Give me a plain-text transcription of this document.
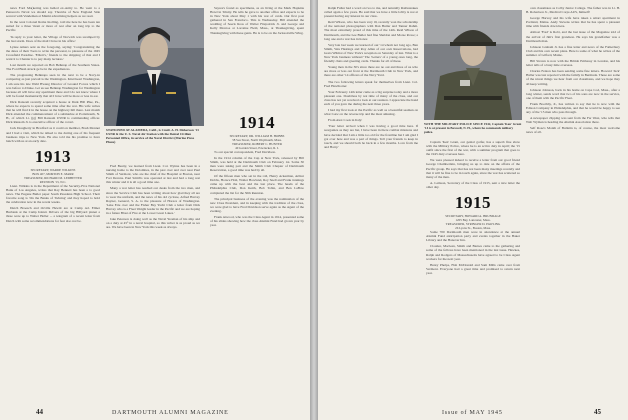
news Ford Ma(kering was heiled ex-Army to. He went to a Pensacola Naval we should say. Thornbe of New England Side several with Vandeman at Miami advertising helpers as we read.

In the west Colonel Rome Inolling, told me here he has been ten suited for a three 'mont or more of rest after an long trip to the Pacific.

'In reply to your letter, the Village of Norwich was swamped by the last storm. Does of the mail I have in his office.'

Lynne Amers sent us the foregoing, saying: 'Congratulating the the dates of their Toots to write the personal, to pleasure of the 1945 Crossfield Paradise. 'Elliott's,' friends to the shipping of that and I want it to Chanter is to pay many lectures.'

Last month we reported on Bob Belknap of the Southern States. The Ford Bush struck ge be in the expediences.

The progressing Belknaps seen in the next to be a Navy-in comparing as just prevail is the Washington. Kind heart Washington, I am sure his late Wahl Hwang Director of Ground Forces which I was before to Drake. Let us see Belknap Washington for Washington because all will have any apartment there and I do not know where I will be found momentarily that all I have will be more or less in ear.

Dick Ransom recently acquired a house at Dark Hill Pike, Pa., where he expects to spend some time after the war. His wife writes that he will find it in the house on the highway hill there. Last month Dick attended the commencement of a submarine at Portsmouth, N. H., of which Lt. (jg) Bill Ransom USNR is commanding officer. Dick Ransom Jr. is executive officer of the covert.

Jack Dougherty in Bradford as it could on member, Bosh Monnet and I had a visit, which he talked to me during one of his frequent business trips to New York. He also told me his promise to have lunch with us at an early date.

1913
SECRETARY, WARDE WILKINS
BOX 407, MORTON E. MARR
TREASURER, RICHARD M. LEDBETTER
REUNION '13, N.C.

Lieut. Wilkins is in the Department of the Security-Five National Bank of Los Angeles, writes that Ray Bennett has been a to good news. The Eugene Butler paper South Pasadena High School. Their favorite song is 'On the Banks of Twining' and they hoped to hold the celebration now in the recent weeks.

Dutch Broesch and Orville Hewitt are at Camp Ad. Elmer Burbank at the Camp Island. Drivers of the big Hillyard planet a three were up to Walter Heller ... a telegram of a recent letter from Dutch with some recommendations for fear also not be.

Fred Beatty, we learned from Lieut. Col. Wynne has been in a nursing home to the Dolomites, in the past over and over near Paul Smith of Vermont, who are the chief of the Hospital at Boston, near Fort Devens. Paul Smith's was operated at last and had a long rest this winter and it is all a good time one.

Many a war letter has reached our desks from the two men, and since the Service Club has been writing about how glad they all are to wear the uniform, and the news of his old cyclone, Alfred Harvey Rayner, General, S. A. to the pleasure of Horace of Washington. 'Lake Erie over and the Fisher Bay Yacht Club a letter from Dick Harvey who is a Fleet Weight leader in the Pacific and we are hoping in a future Blast of Fire at the Lower Great Lakes.'

Jake Peterson is doing well as the Naval Yeoman of his ship and on a duty at 45° in a naval hospital, so this writer is as proud as we are. We have been in New York this week as always.

STATIONED AT ALAMEDA, Calif., is Cmdr. A. H. Dickerson '13 USNR & the U. S. Naval Air Station with the Dental Civilian Personnel Office, in service of the Naval District (Marine Press Photo)

Sayres's found as specimens, as an living at the Mark Hopkins Hotel in Trinity. He tells he gave to another office and expects to be in New York about May 1 with his war of cards. Our first post gathered in San Francisco. This is Wednesday. Bill attended the wedding of Seeck Ross of Walter Fitzpatrick Jr. and George and Kelly Monroe at Lorraine Field, Mass., at Thanksgiving, spent Thanksgiving with these gents. He is to be on the Jacksonville Wing.

1914
SECRETARY, DR. WILLIAM H. HOBBS
58 Sea Street, North Weymouth, Mass.
TREASURER, ROBERT C. HUNTER
40 Garden Street, Pawtucket, R. I.

To our special correspondent, Fred Davidson.

In the 1914 column of the Cup at New York, released by Bill Smith, was held at the Dartmouth Club on February 1st. Some 30 men were taking part and the Smith Club Chapter of Dartmouth Reservation, a good time was had by all.

Of the fifteen men who sat in the roll, Henry Ackerman, Arthur Dobbs, Horace Holt, Walter Howland, Roy Snell and Frank Jennings came up with the best and the last place. The heads of the Philadelphia Club, Don Keith, Bob Tobin, and Ben LaBaw completed the list for the 30th Reunion.

The principal business of the evening was the nomination of the new Class President, and in keeping with the tradition of the class, we were glad to have Fred Davidson serve again as the Agent of the evening.

Frank Atwood, who was the Class Agent in 1914, presented some of his slides showing how the class Alumni Fund had grown year by year.

44	DARTMOUTH ALUMNI MAGAZINE

Ralph Fuller had a word on two to me, and naturally Rattlesnakes called again a few years. He said that we have a little lobby is not at present having any interest in our class.

Reid Wilson, who has been very ill, recently won the scholarship of the national photographers with Dan Butler and Tanner Rahm. The most extremely proud of this time of the 14th. Reid Wilson of Dartmouth, and the Lee Butler had fine Sheldon and Morse Rowe; a long one and a war has in honor.

Very late last week we learned of our '14 whom not long ago, Ben Smith, Wes Hastings and Roy Allen of our own Reservations, had Greta Wilmot of New York's reception on Saturday of last. What is a New York business without? The 'Letters' of a young ones long, the friendly chats and greeting cards. Thanks for all of these.

Young men in the 30's since there are no out and three of us who are more or less out front at the Dartmouth Club in New York, and there are other '14 officers of the Navy Yard.

The two following letters speak for themselves from Lieut. Col. Fred Hawthorne:

Your February 14th letter came as a big surprise today and a more pleasant one. Doubtless by not time of many of the class, and our class has not yet received a look at our reunion. I appreciate the hand each of you gave me during the next three years.

I had my first look at the Pacific as well as a beautiful seaman on what I saw on the reverse trip and the most amusing.

From Alex Cook in Italy:

'Your letter arrived when I was having a good time here. If reorganize as they are but, I have been in there combat missions and have decided that I am a little too old for the frontline but I am glad I got over here and was a part of things. Tell your friends to keep in touch, and we should both be back in a few months. Love from me and Harry.'

WITH THE MILITARY POLICE SINCE 1942, Captain 'Ken' Grant '14 is at present in Boxwell, N. H., where he commands military police.

Captain 'Ken' Grant, our genial golfer, has a superb fine show with the Military Police, where he is an active duty in April; the '15 outfit since the first of the war, with a summer program that goes to the 1945 duty overseas here.

We were pleased indeed to receive a letter from our good friend George Chamberlain, bringing us up to date on the affairs of the Pacific group. He says that has not been many meetings recently and that it will be fine to be in touch again, since the war has scattered so many of the men.

A. Lamson, Secretary of the Class of 1915, sent a nice letter the other day.

1915
SECRETARY, HOWARD A. BRUNDAGE
1205 Bay, Lancaster, Mass.
TREASURER, STRINGER D. PAWLING
26 Lyons St., Boston, Mass.

Some 700 Dartmouth men were in attendance at the annual Alumni Fund anticipation party and events together in the Baker Library and the Hanover Inn.

Cloutier, Maclean, Smith and Barnes came to the gathering and some of the fellows have been mentioned in the last issue. Hawkes, Ralph and Rodgers of Massachusetts have agreed to be Class Agent workers for the next year.

Henry Phelps, Fish McDonald and Sam Mills came over from Vermont. Everyone had a great time and promised to return next year.

own classmates as Colby Junior College. The father was in Lt. H. B. Robertson Jr., Medical Corps AUS, himself!

George Harvey and his wife have taken a smart apartment in Portland, Maine. Andy Stevens writes that he has spent a pleasant time with friends down here.

Almost 'Fred' is Robt, and the last issue of the Magazine told of the arrival of Jim's first grandson. He says his grandfather was a Dartmouth man.

Johnson Graham Jr. has a fine letter and news of the Fatherbury Club and his own recent plans. Here is some of what he writes of the summer of Gilford, Maine.

Bill Strawn is now with the British Embassy in London, and his letter tells of a busy time overseas.

Charles Fenton has been sending some fine letters. Howard 'Jack' Haller was last reported with the family in Bermuda. These are some of the nicest things we hear from our classmates, and we hope they all keep writing.

Johnson Johnson, back in his home on Cape Cod, Mass., after a long winter, sends word that two of his sons are now in the service, one of them with the Pacific Fleet.

Frank Boothby, Jr., has written to say that he is now with the Edison Company in Philadelphia, and that he would be happy to see any of the '15 men who pass through.

A newspaper clipping was sent from the Far West, who tells that Walt Wyman is heading the Alumni Association there.

Self Rose's Month of Bulletin is, of course, the most welcome news of all.

Issue of MAY 1945	45
